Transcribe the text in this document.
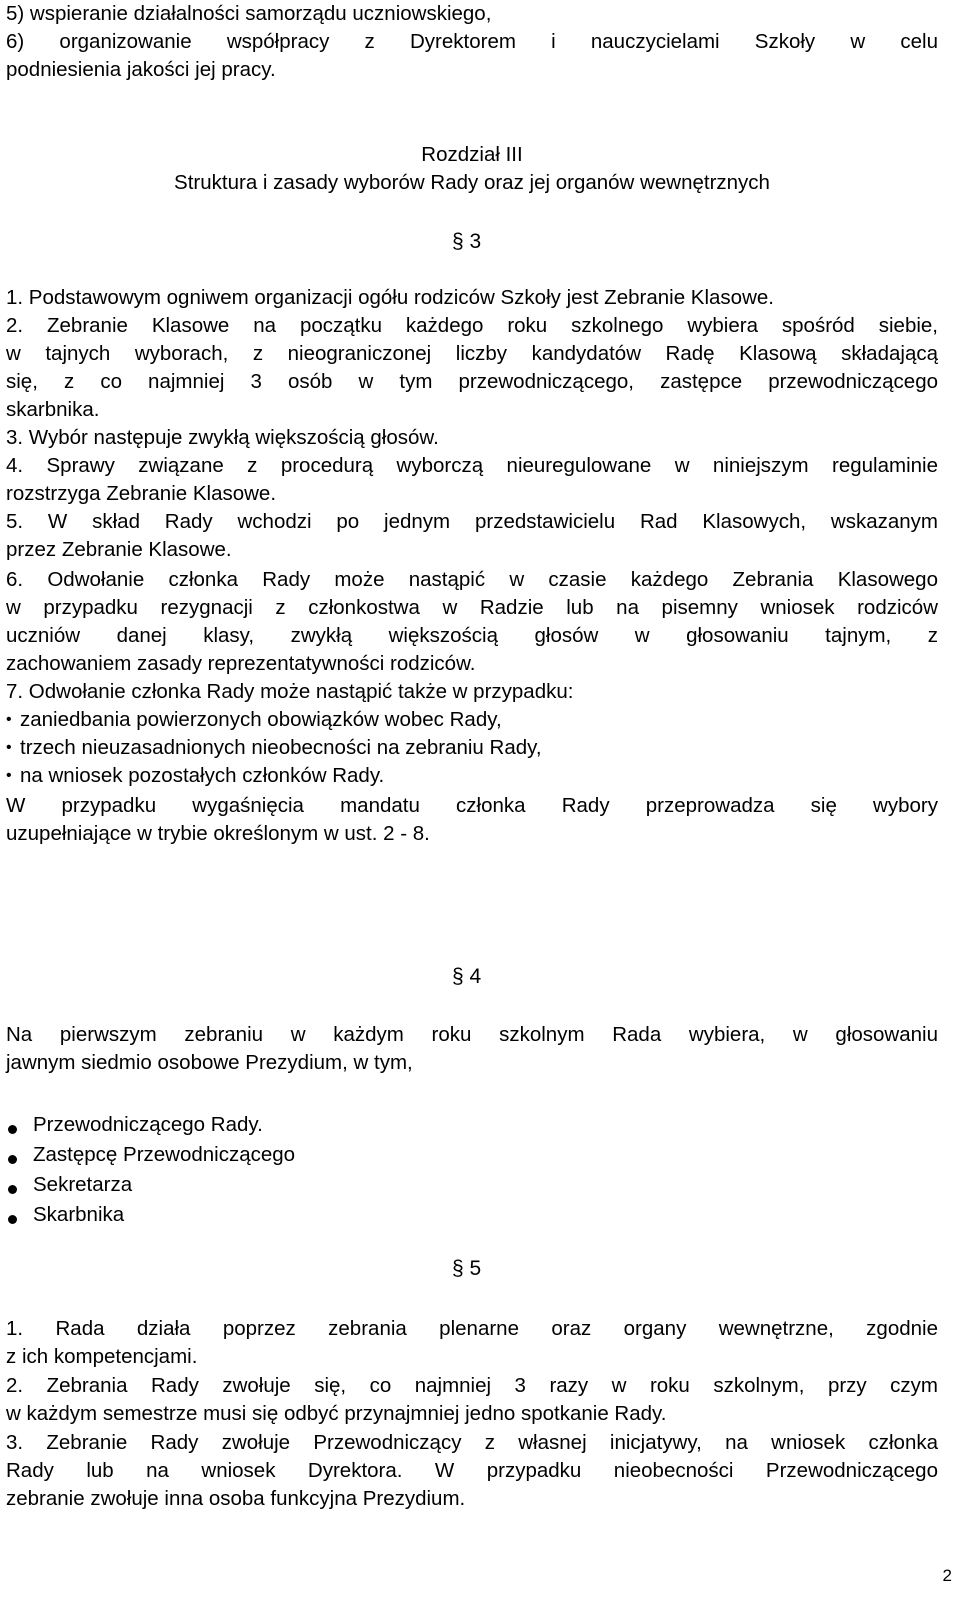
5) wspieranie działalności samorządu uczniowskiego,
6) organizowanie współpracy z Dyrektorem i nauczycielami Szkoły w celu
podniesienia jakości jej pracy.
Rozdział III
Struktura i zasady wyborów Rady oraz jej organów wewnętrznych
§ 3
1. Podstawowym ogniwem organizacji ogółu rodziców Szkoły jest Zebranie Klasowe.
2. Zebranie Klasowe na początku każdego roku szkolnego wybiera spośród siebie,
w tajnych wyborach, z nieograniczonej liczby kandydatów Radę Klasową składającą
się, z co najmniej 3 osób w tym przewodniczącego, zastępce przewodniczącego
skarbnika.
3. Wybór następuje zwykłą większością głosów.
4. Sprawy związane z procedurą wyborczą nieuregulowane w niniejszym regulaminie
rozstrzyga Zebranie Klasowe.
5. W skład Rady wchodzi po jednym przedstawicielu Rad Klasowych, wskazanym
przez Zebranie Klasowe.
6. Odwołanie członka Rady może nastąpić w czasie każdego Zebrania Klasowego
w przypadku rezygnacji z członkostwa w Radzie lub na pisemny wniosek rodziców
uczniów danej klasy, zwykłą większością głosów w głosowaniu tajnym, z
zachowaniem zasady reprezentatywności rodziców.
7. Odwołanie członka Rady może nastąpić także w przypadku:
• zaniedbania powierzonych obowiązków wobec Rady,
• trzech nieuzasadnionych nieobecności na zebraniu Rady,
• na wniosek pozostałych członków Rady.
W przypadku wygaśnięcia mandatu członka Rady przeprowadza się wybory
uzupełniające w trybie określonym w ust. 2 - 8.
§ 4
Na pierwszym zebraniu w każdym roku szkolnym Rada wybiera, w głosowaniu
jawnym siedmio osobowe Prezydium, w tym,
Przewodniczącego Rady.
Zastępcę Przewodniczącego
Sekretarza
Skarbnika
§ 5
1. Rada działa poprzez zebrania plenarne oraz organy wewnętrzne, zgodnie
z ich kompetencjami.
2. Zebrania Rady zwołuje się, co najmniej 3 razy w roku szkolnym, przy czym
w każdym semestrze musi się odbyć przynajmniej jedno spotkanie Rady.
3. Zebranie Rady zwołuje Przewodniczący z własnej inicjatywy, na wniosek członka
Rady lub na wniosek Dyrektora. W przypadku nieobecności Przewodniczącego
zebranie zwołuje inna osoba funkcyjna Prezydium.
2
